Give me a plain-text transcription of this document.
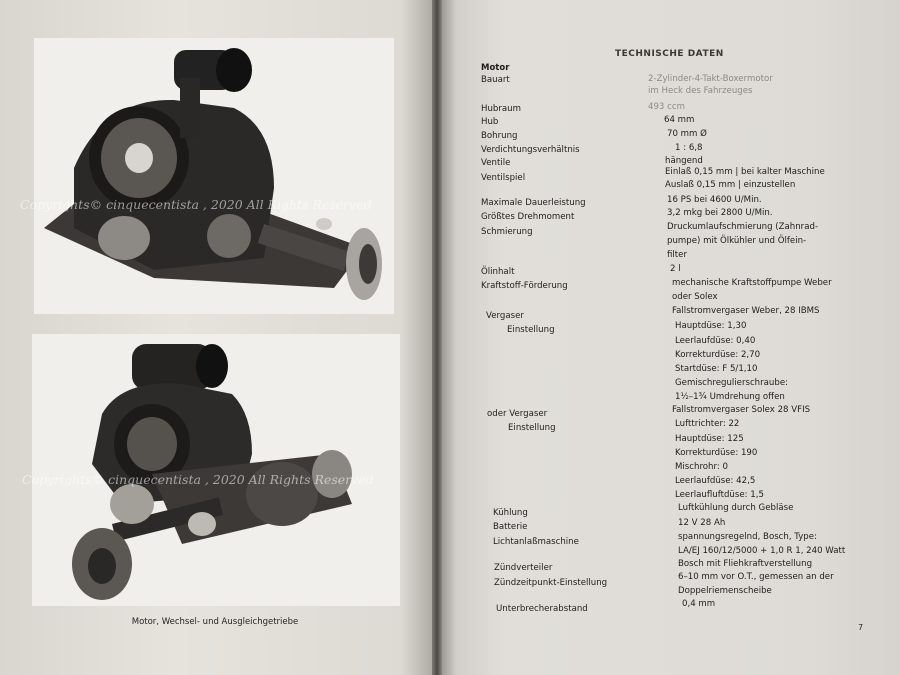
Copyrights© cinquecentista , 2020 All Rights Reserved
Copyrights© cinquecentista , 2020 All Rights Reserved
Motor, Wechsel- und Ausgleichgetriebe
TECHNISCHE DATEN
Motor
Bauart	2-Zylinder-4-Takt-Boxermotor
im Heck des Fahrzeuges
Hubraum	493 ccm
Hub	64 mm
Bohrung	70 mm Ø
Verdichtungsverhältnis	1 : 6,8
Ventile	hängend
Ventilspiel
Einlaß 0,15 mm | bei kalter Maschine
Auslaß 0,15 mm | einzustellen
Maximale Dauerleistung	16 PS bei 4600 U/Min.
Größtes Drehmoment	3,2 mkg bei 2800 U/Min.
Schmierung	Druckumlaufschmierung (Zahnrad-
pumpe) mit Ölkühler und Ölfein-
filter
Ölinhalt	2 l
Kraftstoff-Förderung	mechanische Kraftstoffpumpe Weber
oder Solex
Vergaser	Fallstromvergaser Weber, 28 IBMS
Einstellung	Hauptdüse: 1,30
Leerlaufdüse: 0,40
Korrekturdüse: 2,70
Startdüse: F 5/1,10
Gemischregulierschraube:
1½–1¾ Umdrehung offen
oder Vergaser	Fallstromvergaser Solex 28 VFIS
Einstellung	Lufttrichter: 22
Hauptdüse: 125
Korrekturdüse: 190
Mischrohr: 0
Leerlaufdüse: 42,5
Leerlaufluftdüse: 1,5
Kühlung	Luftkühlung durch Gebläse
Batterie	12 V 28 Ah
Lichtanlaßmaschine	spannungsregelnd, Bosch, Type:
LA/EJ 160/12/5000 + 1,0 R 1, 240 Watt
Zündverteiler	Bosch mit Fliehkraftverstellung
Zündzeitpunkt-Einstellung
6–10 mm vor O.T., gemessen an der
Doppelriemenscheibe
Unterbrecherabstand	0,4 mm
7
